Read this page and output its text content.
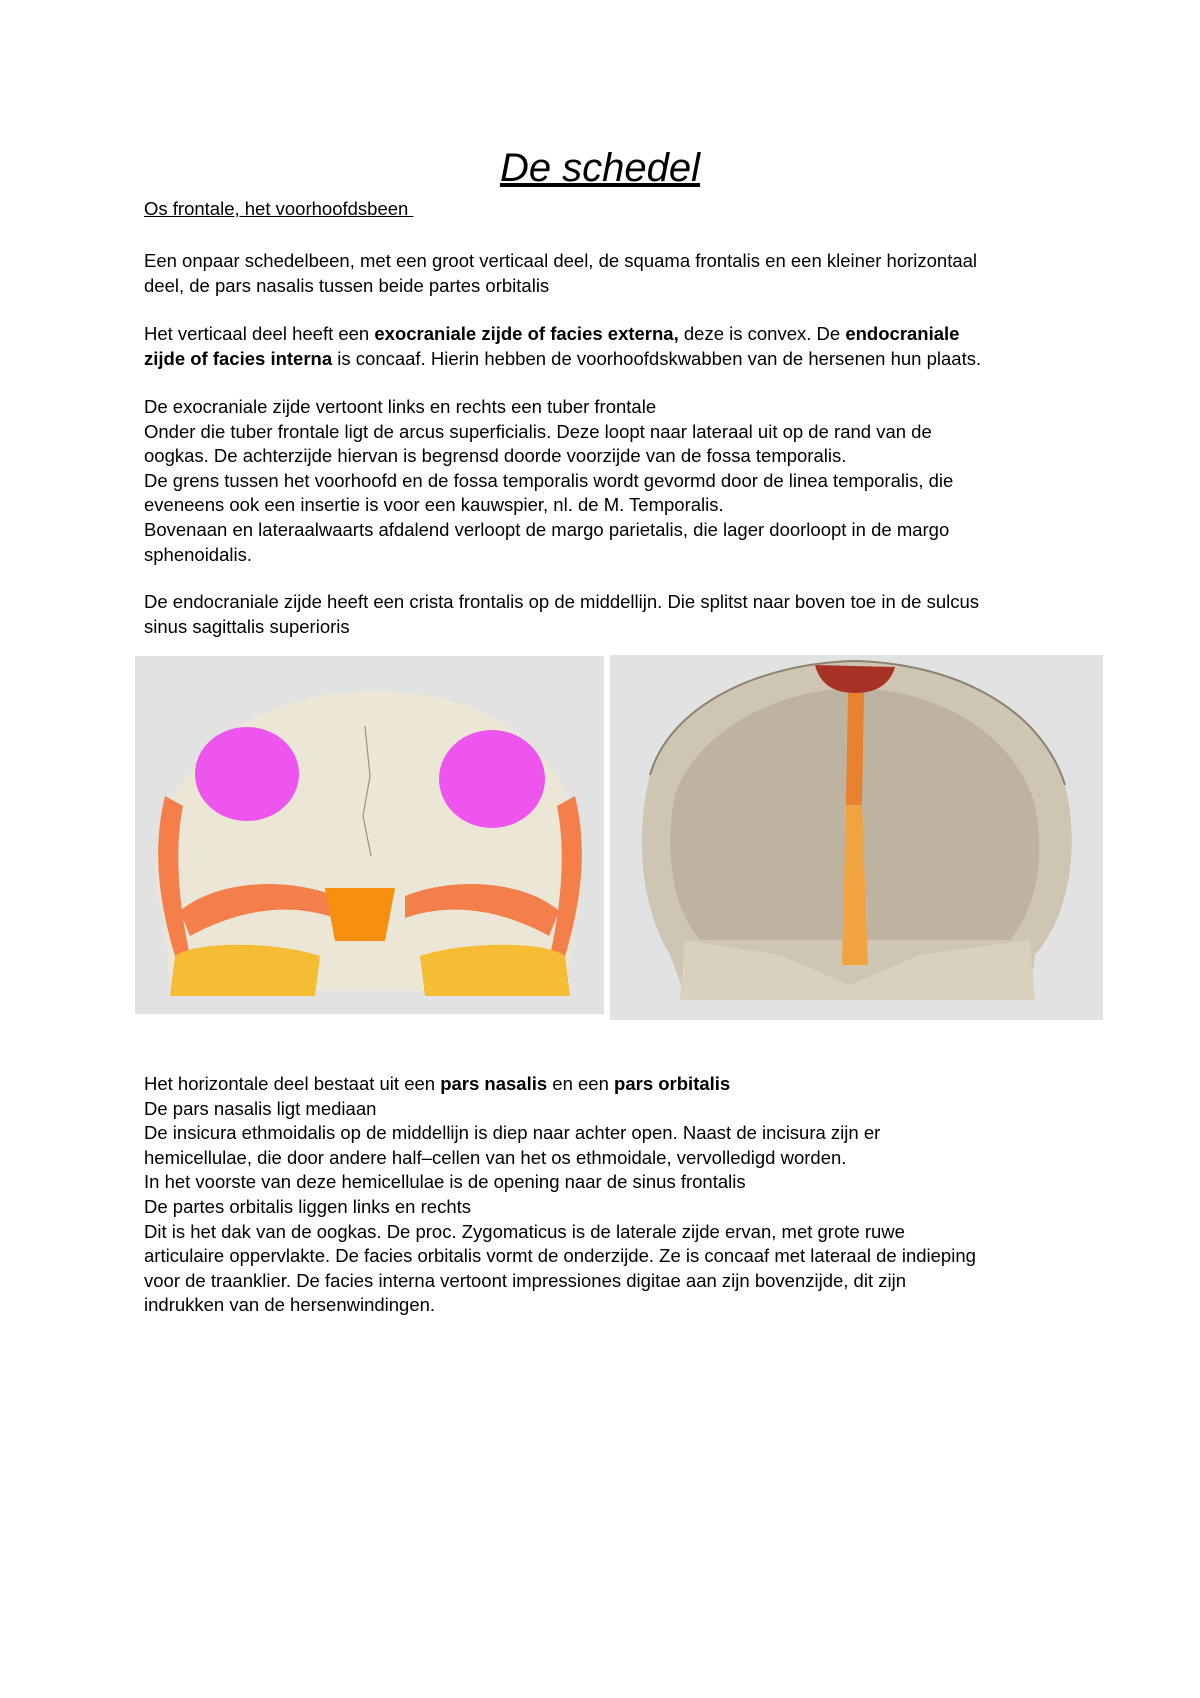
De schedel
Os frontale, het voorhoofdsbeen

Een onpaar schedelbeen, met een groot verticaal deel, de squama frontalis en een kleiner horizontaal

deel, de pars nasalis tussen beide partes orbitalis

Het verticaal deel heeft een exocraniale zijde of facies externa, deze is convex. De endocraniale

zijde of facies interna is concaaf. Hierin hebben de voorhoofdskwabben van de hersenen hun plaats.

De exocraniale zijde vertoont links en rechts een tuber frontale

Onder die tuber frontale ligt de arcus superficialis. Deze loopt naar lateraal uit op de rand van de

oogkas. De achterzijde hiervan is begrensd doorde voorzijde van de fossa temporalis.

De grens tussen het voorhoofd en de fossa temporalis wordt gevormd door de linea temporalis, die

eveneens ook een insertie is voor een kauwspier, nl. de M. Temporalis.

Bovenaan en lateraalwaarts afdalend verloopt de margo parietalis, die lager doorloopt in de margo

sphenoidalis.

De endocraniale zijde heeft een crista frontalis op de middellijn. Die splitst naar boven toe in de sulcus

sinus sagittalis superioris

Het horizontale deel bestaat uit een pars nasalis en een pars orbitalis

De pars nasalis ligt mediaan

De insicura ethmoidalis op de middellijn is diep naar achter open. Naast de incisura zijn er

hemicellulae, die door andere half–cellen van het os ethmoidale, vervolledigd worden.

In het voorste van deze hemicellulae is de opening naar de sinus frontalis

De partes orbitalis liggen links en rechts

Dit is het dak van de oogkas. De proc. Zygomaticus is de laterale zijde ervan, met grote ruwe

articulaire oppervlakte. De facies orbitalis vormt de onderzijde. Ze is concaaf met lateraal de indieping

voor de traanklier. De facies interna vertoont impressiones digitae aan zijn bovenzijde, dit zijn

indrukken van de hersenwindingen.
